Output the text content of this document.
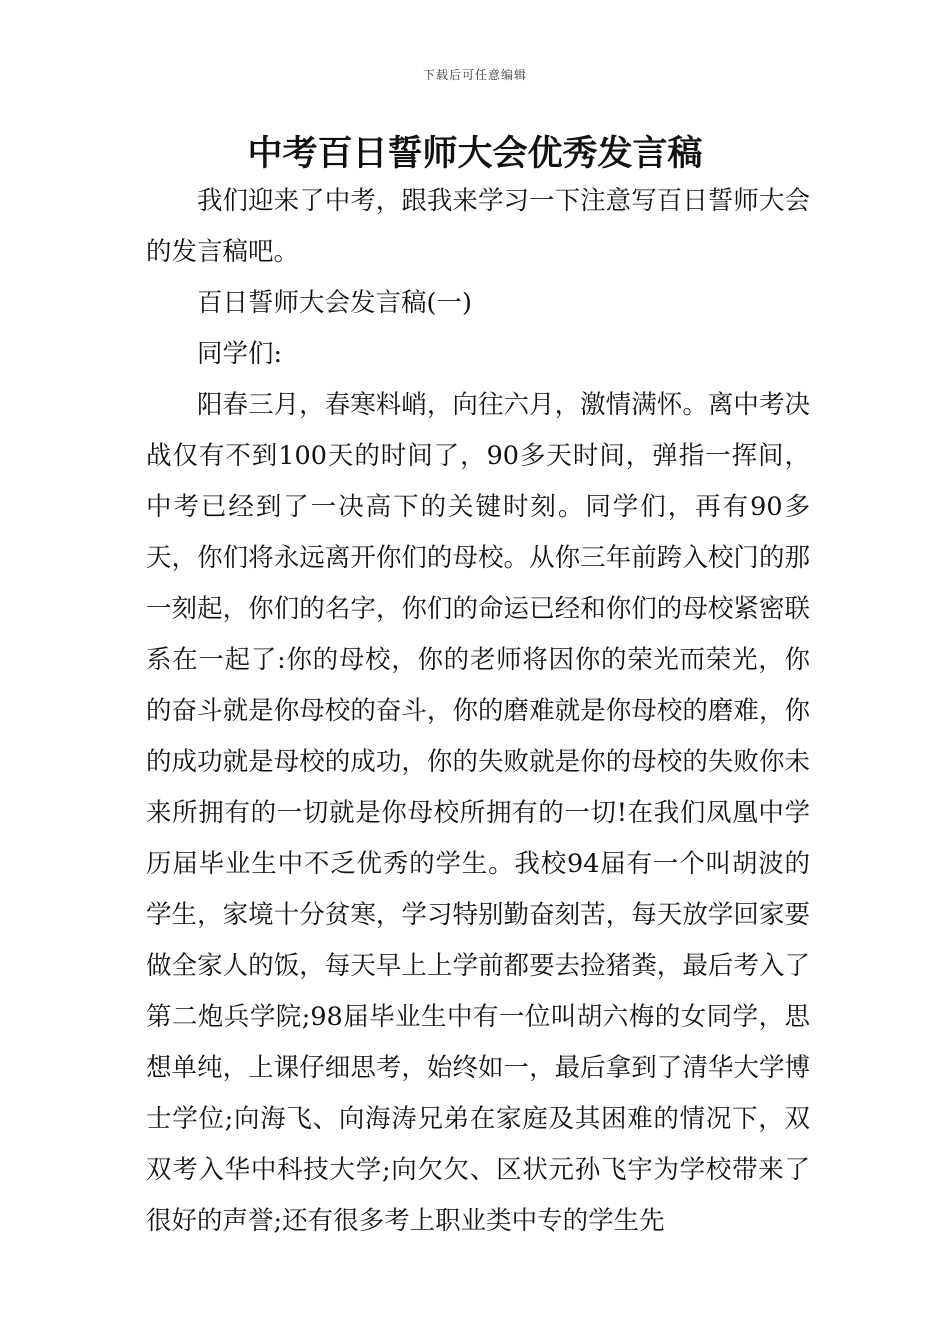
下载后可任意编辑
中考百日誓师大会优秀发言稿

我们迎来了中考，跟我来学习一下注意写百日誓师大会的发言稿吧。

百日誓师大会发言稿(一)

同学们:

阳春三月，春寒料峭，向往六月，激情满怀。离中考决战仅有不到100天的时间了，90多天时间，弹指一挥间，中考已经到了一决高下的关键时刻。同学们，再有90多天，你们将永远离开你们的母校。从你三年前跨入校门的那一刻起，你们的名字，你们的命运已经和你们的母校紧密联系在一起了:你的母校，你的老师将因你的荣光而荣光，你的奋斗就是你母校的奋斗，你的磨难就是你母校的磨难，你的成功就是母校的成功，你的失败就是你的母校的失败你未来所拥有的一切就是你母校所拥有的一切!在我们凤凰中学历届毕业生中不乏优秀的学生。我校94届有一个叫胡波的学生，家境十分贫寒，学习特别勤奋刻苦，每天放学回家要做全家人的饭，每天早上上学前都要去捡猪粪，最后考入了第二炮兵学院;98届毕业生中有一位叫胡六梅的女同学，思想单纯，上课仔细思考，始终如一，最后拿到了清华大学博士学位;向海飞、向海涛兄弟在家庭及其困难的情况下，双双考入华中科技大学;向欠欠、区状元孙飞宇为学校带来了很好的声誉;还有很多考上职业类中专的学生先
